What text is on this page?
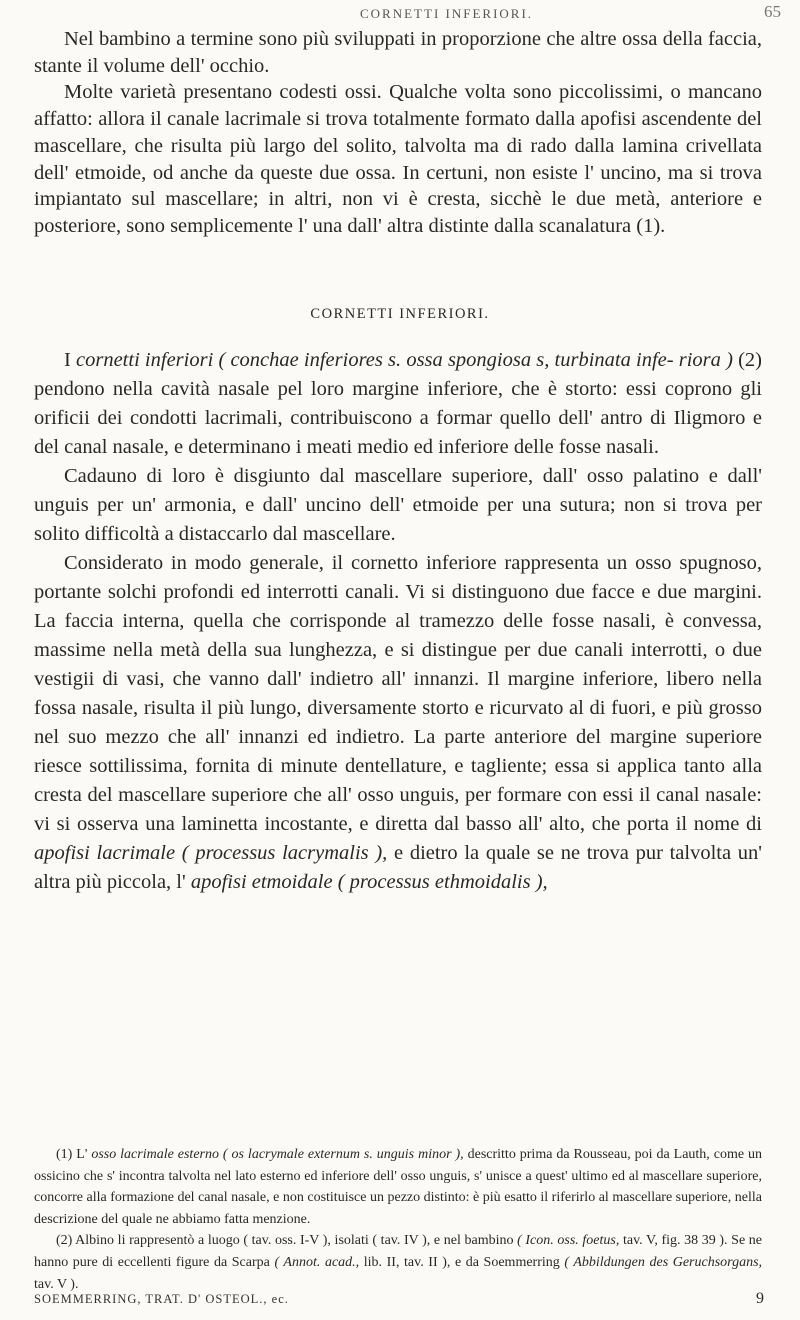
CORNETTI INFERIORI.	65

Nel bambino a termine sono più sviluppati in proporzione che altre ossa della faccia, stante il volume dell' occhio.

Molte varietà presentano codesti ossi. Qualche volta sono piccolissimi, o mancano affatto: allora il canale lacrimale si trova totalmente formato dalla apofisi ascendente del mascellare, che risulta più largo del solito, talvolta ma di rado dalla lamina crivellata dell' etmoide, od anche da queste due ossa. In certuni, non esiste l' uncino, ma si trova impiantato sul mascellare; in altri, non vi è cresta, sicchè le due metà, anteriore e posteriore, sono semplicemente l' una dall' altra distinte dalla scanalatura (1).

CORNETTI INFERIORI.

I cornetti inferiori ( conchae inferiores s. ossa spongiosa s, turbinata infe- riora ) (2) pendono nella cavità nasale pel loro margine inferiore, che è storto: essi coprono gli orificii dei condotti lacrimali, contribuiscono a formar quello dell' antro di Iligmoro e del canal nasale, e determinano i meati medio ed inferiore delle fosse nasali.

Cadauno di loro è disgiunto dal mascellare superiore, dall' osso palatino e dall' unguis per un' armonia, e dall' uncino dell' etmoide per una sutura; non si trova per solito difficoltà a distaccarlo dal mascellare.

Considerato in modo generale, il cornetto inferiore rappresenta un osso spugnoso, portante solchi profondi ed interrotti canali. Vi si distinguono due facce e due margini. La faccia interna, quella che corrisponde al tramezzo delle fosse nasali, è convessa, massime nella metà della sua lunghezza, e si distingue per due canali interrotti, o due vestigii di vasi, che vanno dall' indietro all' innanzi. Il margine inferiore, libero nella fossa nasale, risulta il più lungo, diversamente storto e ricurvato al di fuori, e più grosso nel suo mezzo che all' innanzi ed indietro. La parte anteriore del margine superiore riesce sottilissima, fornita di minute dentellature, e tagliente; essa si applica tanto alla cresta del mascellare superiore che all' osso unguis, per formare con essi il canal nasale: vi si osserva una laminetta incostante, e diretta dal basso all' alto, che porta il nome di apofisi lacrimale ( processus lacrymalis ), e dietro la quale se ne trova pur talvolta un' altra più piccola, l' apofisi etmoidale ( processus ethmoidalis ),

(1) L' osso lacrimale esterno ( os lacrymale externum s. unguis minor ), descritto prima da Rousseau, poi da Lauth, come un ossicino che s' incontra talvolta nel lato esterno ed inferiore dell' osso unguis, s' unisce a quest' ultimo ed al mascellare superiore, concorre alla formazione del canal nasale, e non costituisce un pezzo distinto: è più esatto il riferirlo al mascellare superiore, nella descrizione del quale ne abbiamo fatta menzione.

(2) Albino li rappresentò a luogo ( tav. oss. I-V ), isolati ( tav. IV ), e nel bambino ( Icon. oss. foetus, tav. V, fig. 38 39 ). Se ne hanno pure di eccellenti figure da Scarpa ( Annot. acad., lib. II, tav. II ), e da Soemmerring ( Abbildungen des Geruchsorgans, tav. V ).

SOEMMERRING, TRAT. D' OSTEOL., ec.	9
